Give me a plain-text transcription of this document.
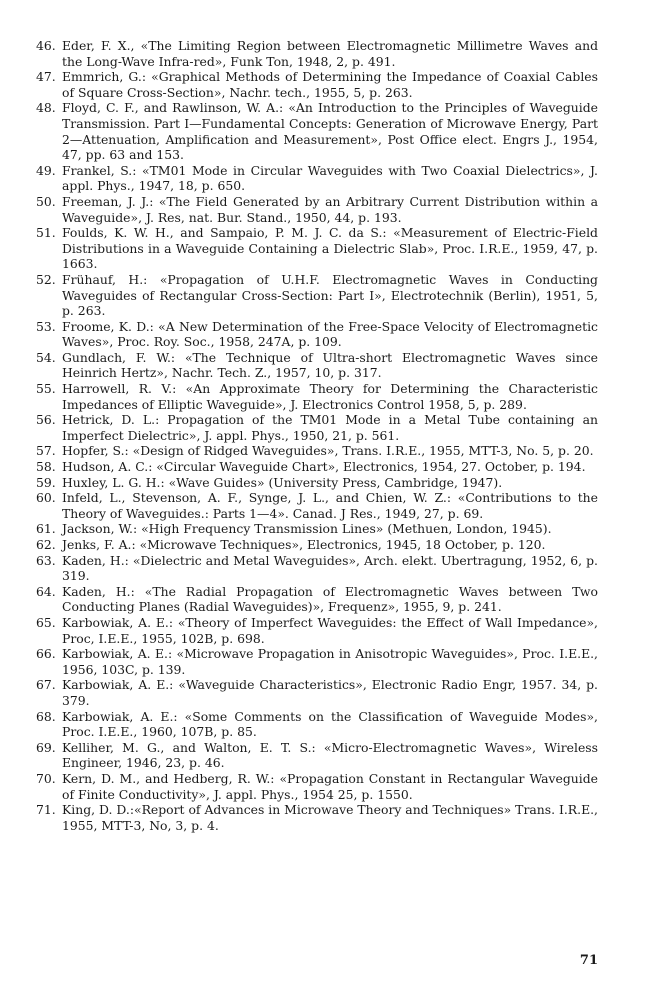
46. Eder, F. X., «The Limiting Region between Electromagnetic Millimetre Waves and the Long-Wave Infra-red», Funk Ton, 1948, 2, p. 491.
47. Emmrich, G.: «Graphical Methods of Determining the Impedance of Coaxial Cables of Square Cross-Section», Nachr. tech., 1955, 5, p. 263.
48. Floyd, C. F., and Rawlinson, W. A.: «An Introduction to the Principles of Waveguide Transmission. Part I—Fundamental Concepts: Generation of Microwave Energy, Part 2—Attenuation, Amplification and Measurement», Post Office elect. Engrs J., 1954, 47, pp. 63 and 153.
49. Frankel, S.: «TM01 Mode in Circular Waveguides with Two Coaxial Dielectrics», J. appl. Phys., 1947, 18, p. 650.
50. Freeman, J. J.: «The Field Generated by an Arbitrary Current Distribution within a Waveguide», J. Res, nat. Bur. Stand., 1950, 44, p. 193.
51. Foulds, K. W. H., and Sampaio, P. M. J. C. da S.: «Measurement of Electric-Field Distributions in a Waveguide Containing a Dielectric Slab», Proc. I.R.E., 1959, 47, p. 1663.
52. Frühauf, H.: «Propagation of U.H.F. Electromagnetic Waves in Conducting Waveguides of Rectangular Cross-Section: Part I», Electrotechnik (Berlin), 1951, 5, p. 263.
53. Froome, K. D.: «A New Determination of the Free-Space Velocity of Electromagnetic Waves», Proc. Roy. Soc., 1958, 247A, p. 109.
54. Gundlach, F. W.: «The Technique of Ultra-short Electromagnetic Waves since Heinrich Hertz», Nachr. Tech. Z., 1957, 10, p. 317.
55. Harrowell, R. V.: «An Approximate Theory for Determining the Characteristic Impedances of Elliptic Waveguide», J. Electronics Control 1958, 5, p. 289.
56. Hetrick, D. L.: Propagation of the TM01 Mode in a Metal Tube containing an Imperfect Dielectric», J. appl. Phys., 1950, 21, p. 561.
57. Hopfer, S.: «Design of Ridged Waveguides», Trans. I.R.E., 1955, MTT-3, No. 5, p. 20.
58. Hudson, A. C.: «Circular Waveguide Chart», Electronics, 1954, 27. October, p. 194.
59. Huxley, L. G. H.: «Wave Guides» (University Press, Cambridge, 1947).
60. Infeld, L., Stevenson, A. F., Synge, J. L., and Chien, W. Z.: «Contributions to the Theory of Waveguides.: Parts 1—4». Canad. J Res., 1949, 27, p. 69.
61. Jackson, W.: «High Frequency Transmission Lines» (Methuen, London, 1945).
62. Jenks, F. A.: «Microwave Techniques», Electronics, 1945, 18 October, p. 120.
63. Kaden, H.: «Dielectric and Metal Waveguides», Arch. elekt. Ubertragung, 1952, 6, p. 319.
64. Kaden, H.: «The Radial Propagation of Electromagnetic Waves between Two Conducting Planes (Radial Waveguides)», Frequenz», 1955, 9, p. 241.
65. Karbowiak, A. E.: «Theory of Imperfect Waveguides: the Effect of Wall Impedance», Proc, I.E.E., 1955, 102B, p. 698.
66. Karbowiak, A. E.: «Microwave Propagation in Anisotropic Waveguides», Proc. I.E.E., 1956, 103C, p. 139.
67. Karbowiak, A. E.: «Waveguide Characteristics», Electronic Radio Engr, 1957. 34, p. 379.
68. Karbowiak, A. E.: «Some Comments on the Classification of Waveguide Modes», Proc. I.E.E., 1960, 107B, p. 85.
69. Kelliher, M. G., and Walton, E. T. S.: «Micro-Electromagnetic Waves», Wireless Engineer, 1946, 23, p. 46.
70. Kern, D. M., and Hedberg, R. W.: «Propagation Constant in Rectangular Waveguide of Finite Conductivity», J. appl. Phys., 1954 25, p. 1550.
71. King, D. D.:«Report of Advances in Microwave Theory and Techniques» Trans. I.R.E., 1955, MTT-3, No, 3, p. 4.
71
